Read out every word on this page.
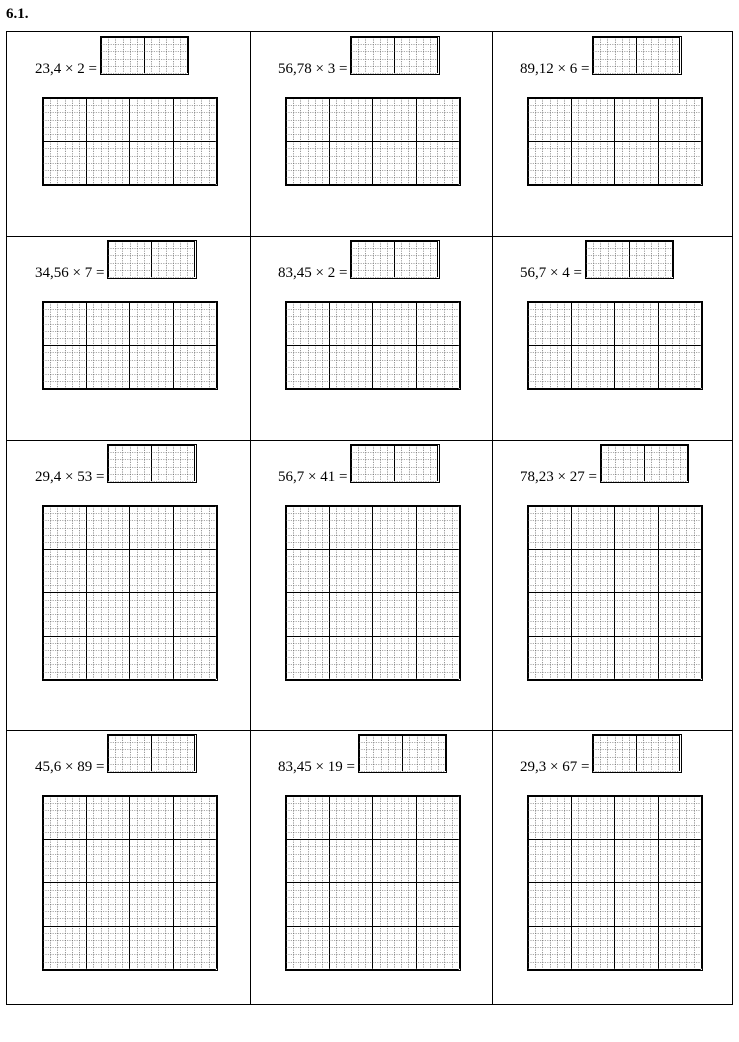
6.1.
23,4 × 2 =	56,78 × 3 =	89,12 × 6 =
34,56 × 7 =	83,45 × 2 =	56,7 × 4 =
29,4 × 53 =	56,7 × 41 =	78,23 × 27 =
45,6 × 89 =	83,45 × 19 =	29,3 × 67 =
